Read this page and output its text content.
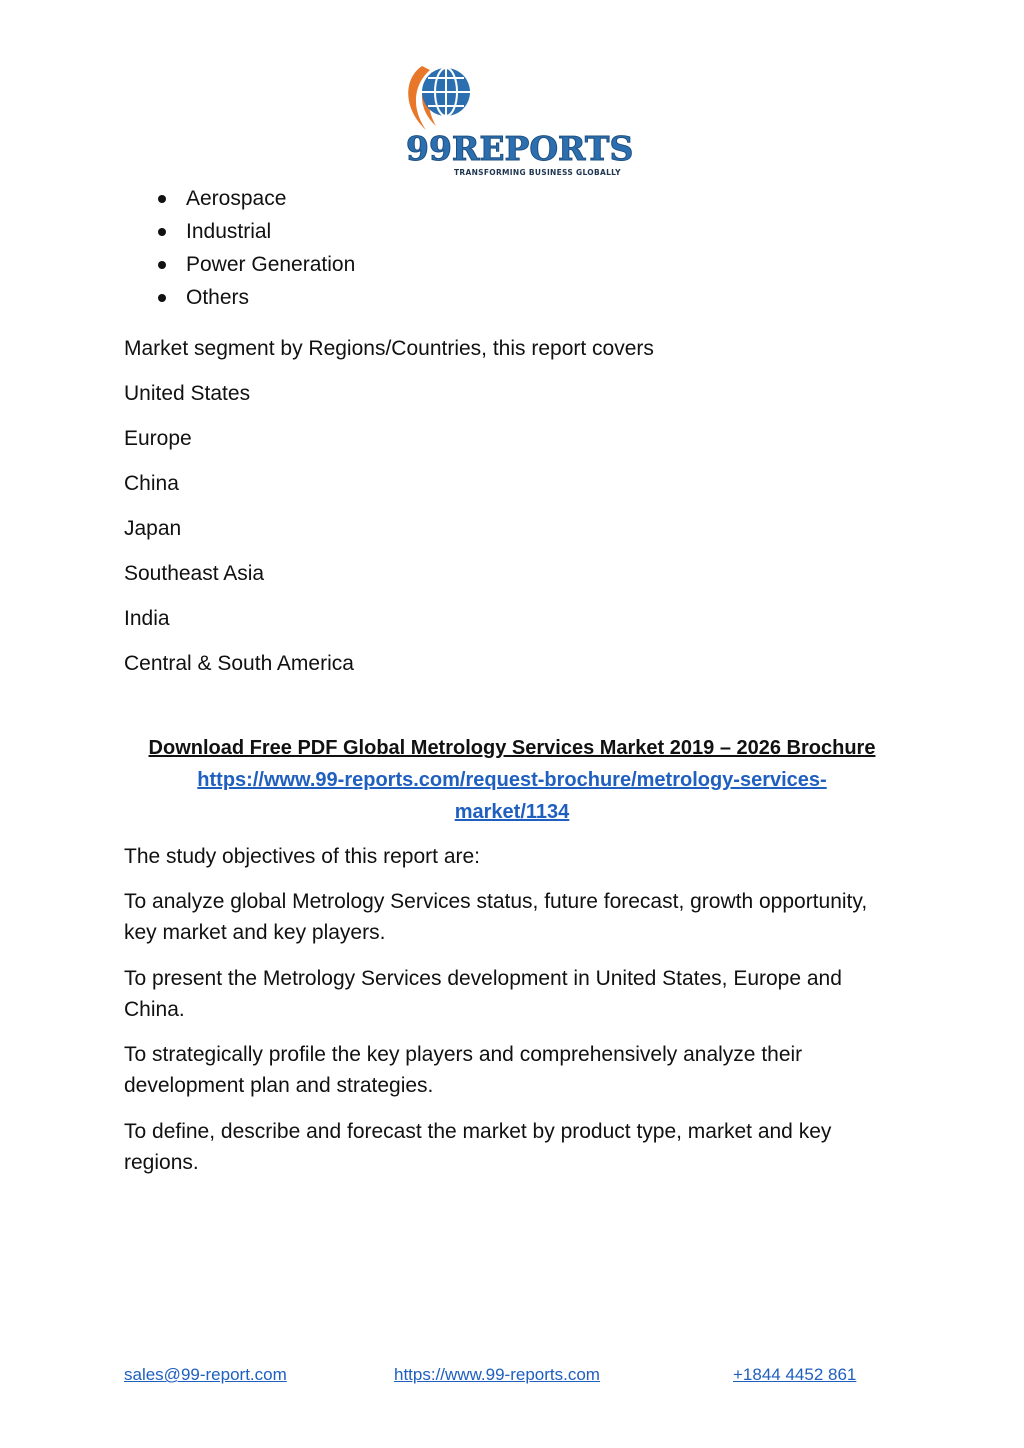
99REPORTS
TRANSFORMING BUSINESS GLOBALLY
Aerospace
Industrial
Power Generation
Others
Market segment by Regions/Countries, this report covers
United States
Europe
China
Japan
Southeast Asia
India
Central & South America
Download Free PDF Global Metrology Services Market 2019 – 2026 Brochure
https://www.99-reports.com/request-brochure/metrology-services-
market/1134
The study objectives of this report are:
To analyze global Metrology Services status, future forecast, growth opportunity, key market and key players.
To present the Metrology Services development in United States, Europe and China.
To strategically profile the key players and comprehensively analyze their development plan and strategies.
To define, describe and forecast the market by product type, market and key regions.
sales@99-report.com	https://www.99-reports.com	+1844 4452 861
